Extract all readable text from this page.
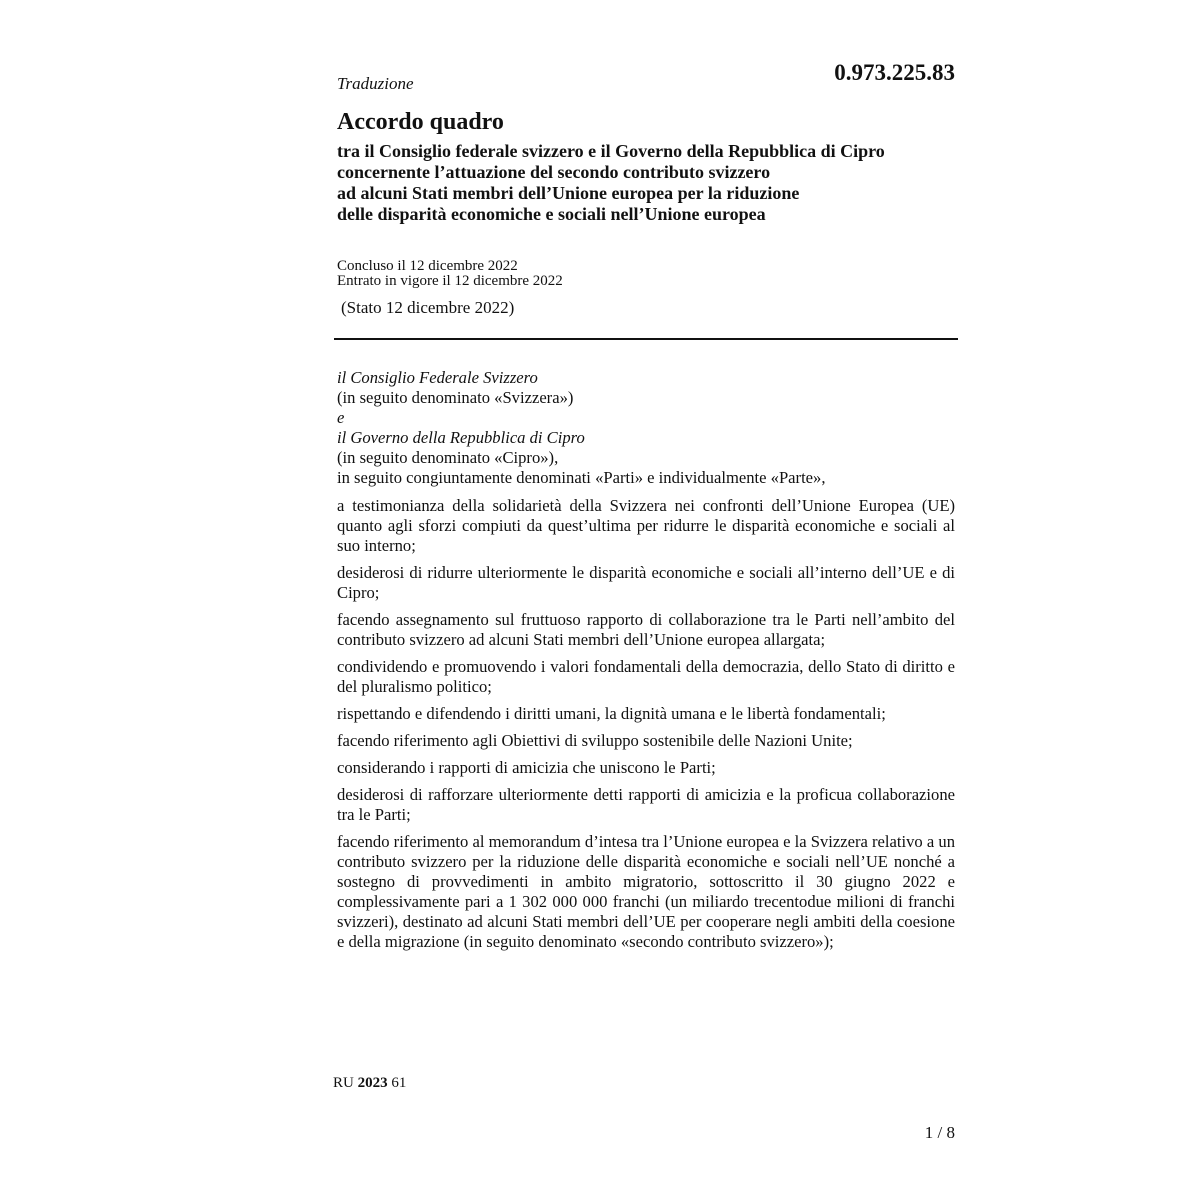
Traduzione	0.973.225.83
Accordo quadro
tra il Consiglio federale svizzero e il Governo della Repubblica di Cipro
concernente l’attuazione del secondo contributo svizzero
ad alcuni Stati membri dell’Unione europea per la riduzione
delle disparità economiche e sociali nell’Unione europea
Concluso il 12 dicembre 2022
Entrato in vigore il 12 dicembre 2022
(Stato 12 dicembre 2022)
il Consiglio Federale Svizzero
(in seguito denominato «Svizzera»)
e
il Governo della Repubblica di Cipro
(in seguito denominato «Cipro»),
in seguito congiuntamente denominati «Parti» e individualmente «Parte»,

a testimonianza della solidarietà della Svizzera nei confronti dell’Unione Europea (UE) quanto agli sforzi compiuti da quest’ultima per ridurre le disparità economiche e sociali al suo interno;

desiderosi di ridurre ulteriormente le disparità economiche e sociali all’interno dell’UE e di Cipro;

facendo assegnamento sul fruttuoso rapporto di collaborazione tra le Parti nell’ambito del contributo svizzero ad alcuni Stati membri dell’Unione europea allargata;

condividendo e promuovendo i valori fondamentali della democrazia, dello Stato di diritto e del pluralismo politico;

rispettando e difendendo i diritti umani, la dignità umana e le libertà fondamentali;

facendo riferimento agli Obiettivi di sviluppo sostenibile delle Nazioni Unite;

considerando i rapporti di amicizia che uniscono le Parti;

desiderosi di rafforzare ulteriormente detti rapporti di amicizia e la proficua collaborazione tra le Parti;

facendo riferimento al memorandum d’intesa tra l’Unione europea e la Svizzera relativo a un contributo svizzero per la riduzione delle disparità economiche e sociali nell’UE nonché a sostegno di provvedimenti in ambito migratorio, sottoscritto il 30 giugno 2022 e complessivamente pari a 1 302 000 000 franchi (un miliardo trecentodue milioni di franchi svizzeri), destinato ad alcuni Stati membri dell’UE per cooperare negli ambiti della coesione e della migrazione (in seguito denominato «secondo contributo svizzero»);

RU 2023 61
1 / 8
